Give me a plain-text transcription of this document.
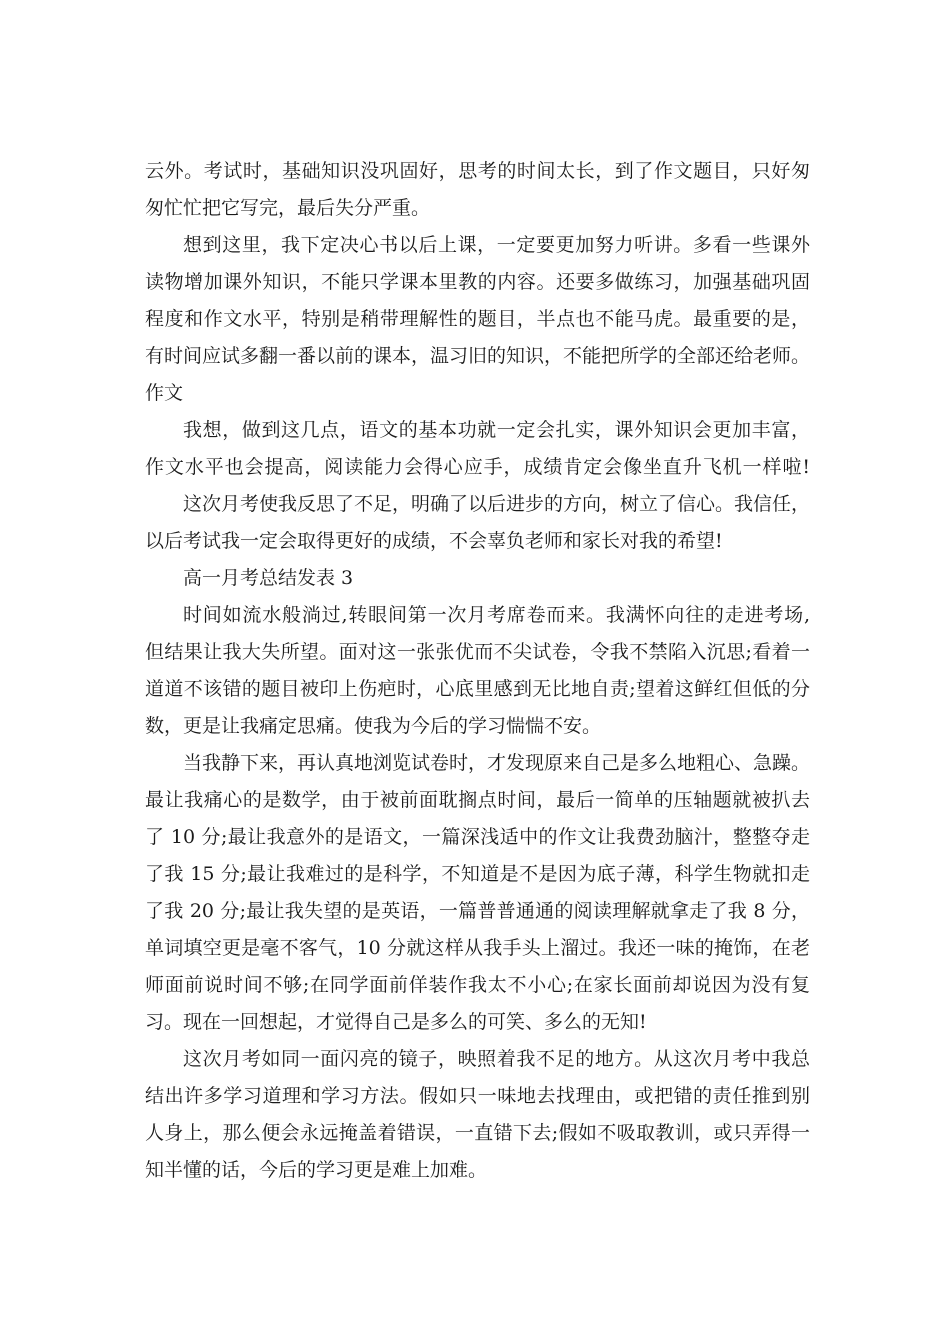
云外。考试时，基础知识没巩固好，思考的时间太长，到了作文题目，只好匆
匆忙忙把它写完，最后失分严重。
想到这里，我下定决心书以后上课，一定要更加努力听讲。多看一些课外
读物增加课外知识，不能只学课本里教的内容。还要多做练习，加强基础巩固
程度和作文水平，特别是稍带理解性的题目，半点也不能马虎。最重要的是，
有时间应试多翻一番以前的课本，温习旧的知识，不能把所学的全部还给老师。
作文
我想，做到这几点，语文的基本功就一定会扎实，课外知识会更加丰富，
作文水平也会提高，阅读能力会得心应手，成绩肯定会像坐直升飞机一样啦!
这次月考使我反思了不足，明确了以后进步的方向，树立了信心。我信任，
以后考试我一定会取得更好的成绩，不会辜负老师和家长对我的希望!
高一月考总结发表 3
时间如流水般淌过,转眼间第一次月考席卷而来。我满怀向往的走进考场,
但结果让我大失所望。面对这一张张优而不尖试卷，令我不禁陷入沉思;看着一
道道不该错的题目被印上伤疤时，心底里感到无比地自责;望着这鲜红但低的分
数，更是让我痛定思痛。使我为今后的学习惴惴不安。
当我静下来，再认真地浏览试卷时，才发现原来自己是多么地粗心、急躁。
最让我痛心的是数学，由于被前面耽搁点时间，最后一简单的压轴题就被扒去
了 10 分;最让我意外的是语文，一篇深浅适中的作文让我费劲脑汁，整整夺走
了我 15 分;最让我难过的是科学，不知道是不是因为底子薄，科学生物就扣走
了我 20 分;最让我失望的是英语，一篇普普通通的阅读理解就拿走了我 8 分，
单词填空更是毫不客气，10 分就这样从我手头上溜过。我还一味的掩饰，在老
师面前说时间不够;在同学面前佯装作我太不小心;在家长面前却说因为没有复
习。现在一回想起，才觉得自己是多么的可笑、多么的无知!
这次月考如同一面闪亮的镜子，映照着我不足的地方。从这次月考中我总
结出许多学习道理和学习方法。假如只一味地去找理由，或把错的责任推到别
人身上，那么便会永远掩盖着错误，一直错下去;假如不吸取教训，或只弄得一
知半懂的话，今后的学习更是难上加难。
